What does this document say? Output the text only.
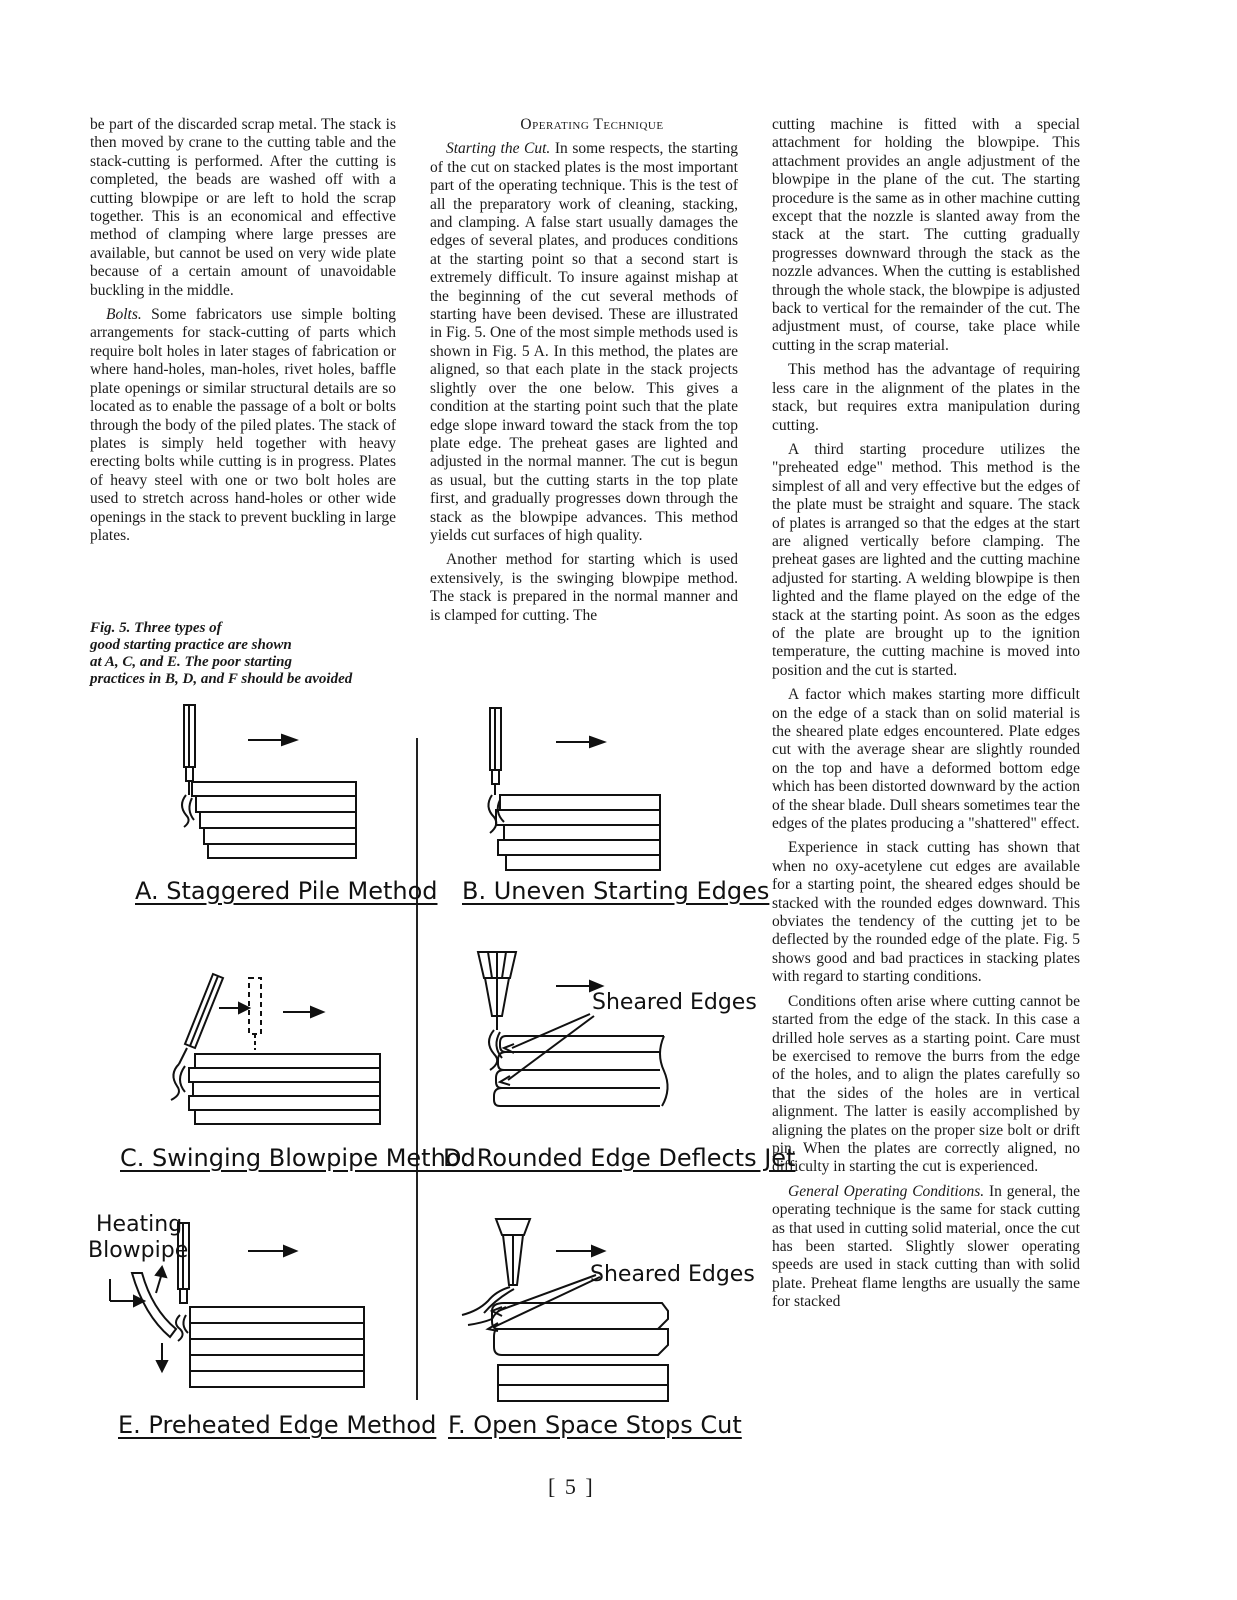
be part of the discarded scrap metal. The stack is then moved by crane to the cutting table and the stack-cutting is performed. After the cutting is completed, the beads are washed off with a cutting blowpipe or are left to hold the scrap together. This is an economical and effective method of clamping where large presses are available, but cannot be used on very wide plate because of a certain amount of unavoidable buckling in the middle.

Bolts. Some fabricators use simple bolting arrangements for stack-cutting of parts which require bolt holes in later stages of fabrication or where hand-holes, man-holes, rivet holes, baffle plate openings or similar structural details are so located as to enable the passage of a bolt or bolts through the body of the piled plates. The stack of plates is simply held together with heavy erecting bolts while cutting is in progress. Plates of heavy steel with one or two bolt holes are used to stretch across hand-holes or other wide openings in the stack to prevent buckling in large plates.

Fig. 5. Three types of
good starting practice are shown
at A, C, and E. The poor starting
practices in B, D, and F should be avoided

Operating Technique

Starting the Cut. In some respects, the starting of the cut on stacked plates is the most important part of the operating technique. This is the test of all the preparatory work of cleaning, stacking, and clamping. A false start usually damages the edges of several plates, and produces conditions at the starting point so that a second start is extremely difficult. To insure against mishap at the beginning of the cut several methods of starting have been devised. These are illustrated in Fig. 5. One of the most simple methods used is shown in Fig. 5 A. In this method, the plates are aligned, so that each plate in the stack projects slightly over the one below. This gives a condition at the starting point such that the plate edge slope inward toward the stack from the top plate edge. The preheat gases are lighted and adjusted in the normal manner. The cut is begun as usual, but the cutting starts in the top plate first, and gradually progresses down through the stack as the blowpipe advances. This method yields cut surfaces of high quality.

Another method for starting which is used extensively, is the swinging blowpipe method. The stack is prepared in the normal manner and is clamped for cutting. The

cutting machine is fitted with a special attachment for holding the blowpipe. This attachment provides an angle adjustment of the blowpipe in the plane of the cut. The starting procedure is the same as in other machine cutting except that the nozzle is slanted away from the stack at the start. The cutting gradually progresses downward through the stack as the nozzle advances. When the cutting is established through the whole stack, the blowpipe is adjusted back to vertical for the remainder of the cut. The adjustment must, of course, take place while cutting in the scrap material.

This method has the advantage of requiring less care in the alignment of the plates in the stack, but requires extra manipulation during cutting.

A third starting procedure utilizes the "preheated edge" method. This method is the simplest of all and very effective but the edges of the plate must be straight and square. The stack of plates is arranged so that the edges at the start are aligned vertically before clamping. The preheat gases are lighted and the cutting machine adjusted for starting. A welding blowpipe is then lighted and the flame played on the edge of the stack at the starting point. As soon as the edges of the plate are brought up to the ignition temperature, the cutting machine is moved into position and the cut is started.

A factor which makes starting more difficult on the edge of a stack than on solid material is the sheared plate edges encountered. Plate edges cut with the average shear are slightly rounded on the top and have a deformed bottom edge which has been distorted downward by the action of the shear blade. Dull shears sometimes tear the edges of the plates producing a "shattered" effect.

Experience in stack cutting has shown that when no oxy-acetylene cut edges are available for a starting point, the sheared edges should be stacked with the rounded edges downward. This obviates the tendency of the cutting jet to be deflected by the rounded edge of the plate. Fig. 5 shows good and bad practices in stacking plates with regard to starting conditions.

Conditions often arise where cutting cannot be started from the edge of the stack. In this case a drilled hole serves as a starting point. Care must be exercised to remove the burrs from the edge of the holes, and to align the plates carefully so that the sides of the holes are in vertical alignment. The latter is easily accomplished by aligning the plates on the proper size bolt or drift pin. When the plates are correctly aligned, no difficulty in starting the cut is experienced.

General Operating Conditions. In general, the operating technique is the same for stack cutting as that used in cutting solid material, once the cut has been started. Slightly slower operating speeds are used in stack cutting than with solid plate. Preheat flame lengths are usually the same for stacked

A. Staggered Pile Method B. Uneven Starting Edges
C. Swinging Blowpipe Method
Sheared Edges
D. Rounded Edge Deflects Jet
Heating
Blowpipe
E. Preheated Edge Method
Sheared Edges
F. Open Space Stops Cut
[ 5 ]
